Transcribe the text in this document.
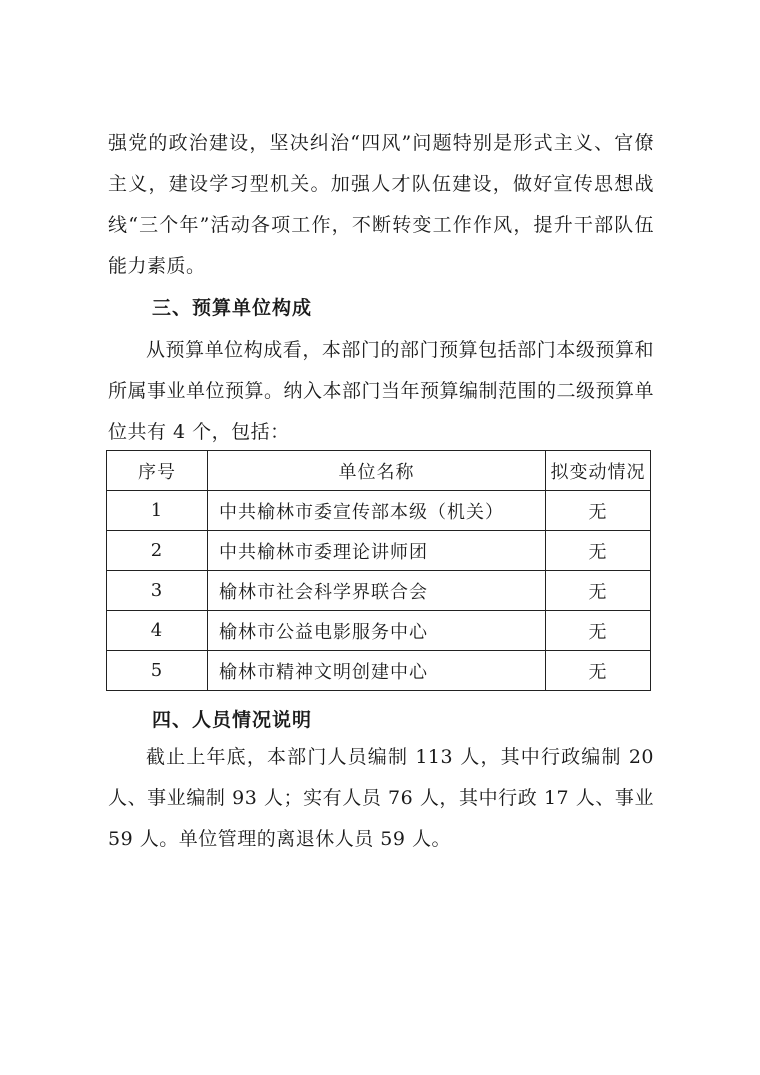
强党的政治建设，坚决纠治“四风”问题特别是形式主义、官僚主义，建设学习型机关。加强人才队伍建设，做好宣传思想战线“三个年”活动各项工作，不断转变工作作风，提升干部队伍能力素质。

三、预算单位构成

从预算单位构成看，本部门的部门预算包括部门本级预算和所属事业单位预算。纳入本部门当年预算编制范围的二级预算单位共有 4 个，包括：

序号	单位名称	拟变动情况
1	中共榆林市委宣传部本级（机关）	无
2	中共榆林市委理论讲师团	无
3	榆林市社会科学界联合会	无
4	榆林市公益电影服务中心	无
5	榆林市精神文明创建中心	无
四、人员情况说明

截止上年底，本部门人员编制 113 人，其中行政编制 20 人、事业编制 93 人；实有人员 76 人，其中行政 17 人、事业 59 人。单位管理的离退休人员 59 人。
